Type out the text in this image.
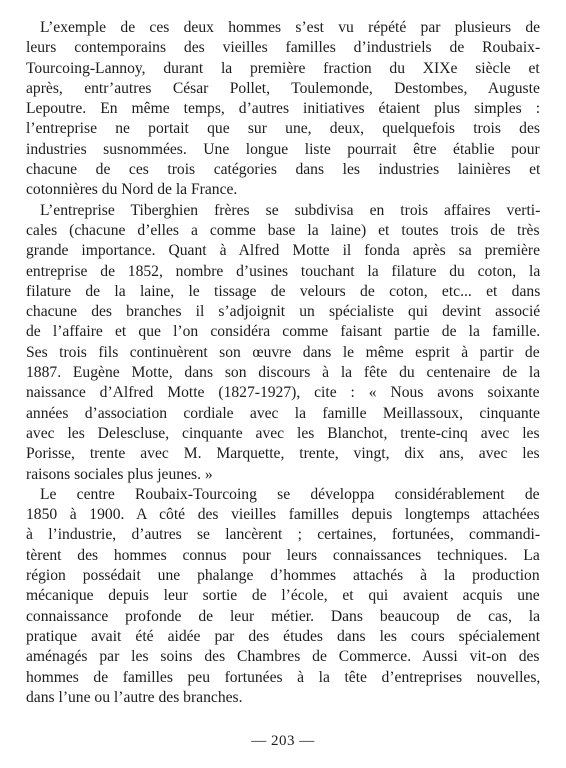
L’exemple de ces deux hommes s’est vu répété par plusieurs de
leurs contemporains des vieilles familles d’industriels de Roubaix-
Tourcoing-Lannoy, durant la première fraction du XIXe siècle et
après, entr’autres César Pollet, Toulemonde, Destombes, Auguste
Lepoutre. En même temps, d’autres initiatives étaient plus simples :
l’entreprise ne portait que sur une, deux, quelquefois trois des
industries susnommées. Une longue liste pourrait être établie pour
chacune de ces trois catégories dans les industries lainières et
cotonnières du Nord de la France.
L’entreprise Tiberghien frères se subdivisa en trois affaires verti-
cales (chacune d’elles a comme base la laine) et toutes trois de très
grande importance. Quant à Alfred Motte il fonda après sa première
entreprise de 1852, nombre d’usines touchant la filature du coton, la
filature de la laine, le tissage de velours de coton, etc... et dans
chacune des branches il s’adjoignit un spécialiste qui devint associé
de l’affaire et que l’on considéra comme faisant partie de la famille.
Ses trois fils continuèrent son œuvre dans le même esprit à partir de
1887. Eugène Motte, dans son discours à la fête du centenaire de la
naissance d’Alfred Motte (1827-1927), cite : « Nous avons soixante
années d’association cordiale avec la famille Meillassoux, cinquante
avec les Delescluse, cinquante avec les Blanchot, trente-cinq avec les
Porisse, trente avec M. Marquette, trente, vingt, dix ans, avec les
raisons sociales plus jeunes. »
Le centre Roubaix-Tourcoing se développa considérablement de
1850 à 1900. A côté des vieilles familles depuis longtemps attachées
à l’industrie, d’autres se lancèrent ; certaines, fortunées, commandi-
tèrent des hommes connus pour leurs connaissances techniques. La
région possédait une phalange d’hommes attachés à la production
mécanique depuis leur sortie de l’école, et qui avaient acquis une
connaissance profonde de leur métier. Dans beaucoup de cas, la
pratique avait été aidée par des études dans les cours spécialement
aménagés par les soins des Chambres de Commerce. Aussi vit-on des
hommes de familles peu fortunées à la tête d’entreprises nouvelles,
dans l’une ou l’autre des branches.
— 203 —
